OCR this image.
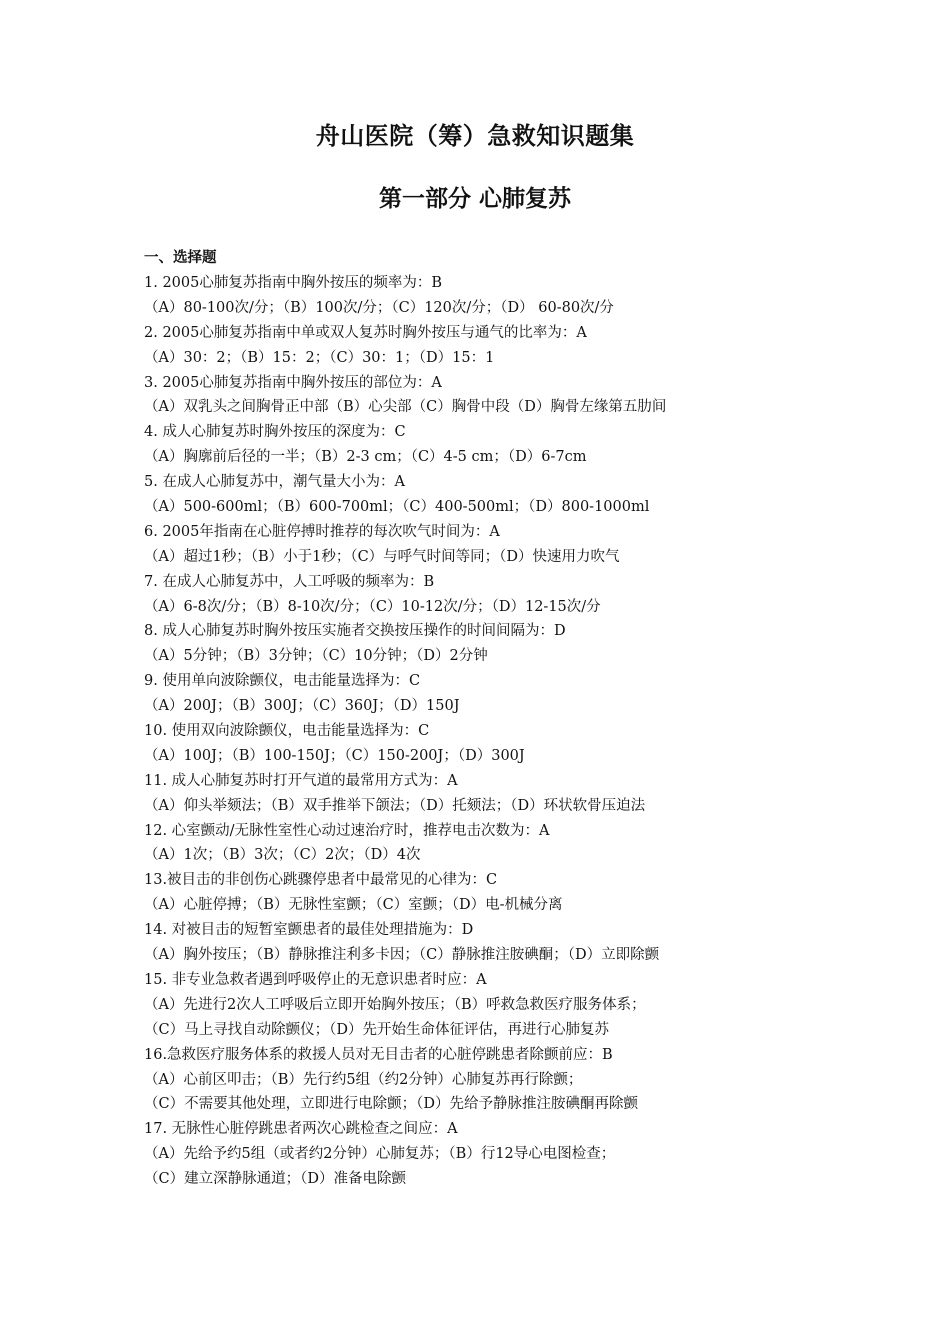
舟山医院（筹）急救知识题集
第一部分 心肺复苏
一、选择题
1. 2005心肺复苏指南中胸外按压的频率为：B
（A）80-100次/分；（B）100次/分；（C）120次/分；（D） 60-80次/分
2. 2005心肺复苏指南中单或双人复苏时胸外按压与通气的比率为：A
（A）30：2；（B）15：2；（C）30：1；（D）15：1
3. 2005心肺复苏指南中胸外按压的部位为：A
（A）双乳头之间胸骨正中部（B）心尖部（C）胸骨中段（D）胸骨左缘第五肋间
4. 成人心肺复苏时胸外按压的深度为：C
（A）胸廓前后径的一半；（B）2-3 cm；（C）4-5 cm；（D）6-7cm
5. 在成人心肺复苏中，潮气量大小为：A
（A）500-600ml；（B）600-700ml；（C）400-500ml；（D）800-1000ml
6. 2005年指南在心脏停搏时推荐的每次吹气时间为：A
（A）超过1秒；（B）小于1秒；（C）与呼气时间等同；（D）快速用力吹气
7. 在成人心肺复苏中，人工呼吸的频率为：B
（A）6-8次/分；（B）8-10次/分；（C）10-12次/分；（D）12-15次/分
8. 成人心肺复苏时胸外按压实施者交换按压操作的时间间隔为：D
（A）5分钟；（B）3分钟；（C）10分钟；（D）2分钟
9. 使用单向波除颤仪，电击能量选择为：C
（A）200J；（B）300J；（C）360J；（D）150J
10. 使用双向波除颤仪，电击能量选择为：C
（A）100J；（B）100-150J；（C）150-200J；（D）300J
11. 成人心肺复苏时打开气道的最常用方式为：A
（A）仰头举颏法；（B）双手推举下颌法；（D）托颏法；（D）环状软骨压迫法
12. 心室颤动/无脉性室性心动过速治疗时，推荐电击次数为：A
（A）1次；（B）3次；（C）2次；（D）4次
13.被目击的非创伤心跳骤停患者中最常见的心律为：C
（A）心脏停搏；（B）无脉性室颤；（C）室颤；（D）电-机械分离
14. 对被目击的短暂室颤患者的最佳处理措施为：D
（A）胸外按压；（B）静脉推注利多卡因；（C）静脉推注胺碘酮；（D）立即除颤
15. 非专业急救者遇到呼吸停止的无意识患者时应：A
（A）先进行2次人工呼吸后立即开始胸外按压；（B）呼救急救医疗服务体系；
（C）马上寻找自动除颤仪；（D）先开始生命体征评估，再进行心肺复苏
16.急救医疗服务体系的救援人员对无目击者的心脏停跳患者除颤前应：B
（A）心前区叩击；（B）先行约5组（约2分钟）心肺复苏再行除颤；
（C）不需要其他处理，立即进行电除颤；（D）先给予静脉推注胺碘酮再除颤
17. 无脉性心脏停跳患者两次心跳检查之间应：A
（A）先给予约5组（或者约2分钟）心肺复苏；（B）行12导心电图检查；
（C）建立深静脉通道；（D）准备电除颤
